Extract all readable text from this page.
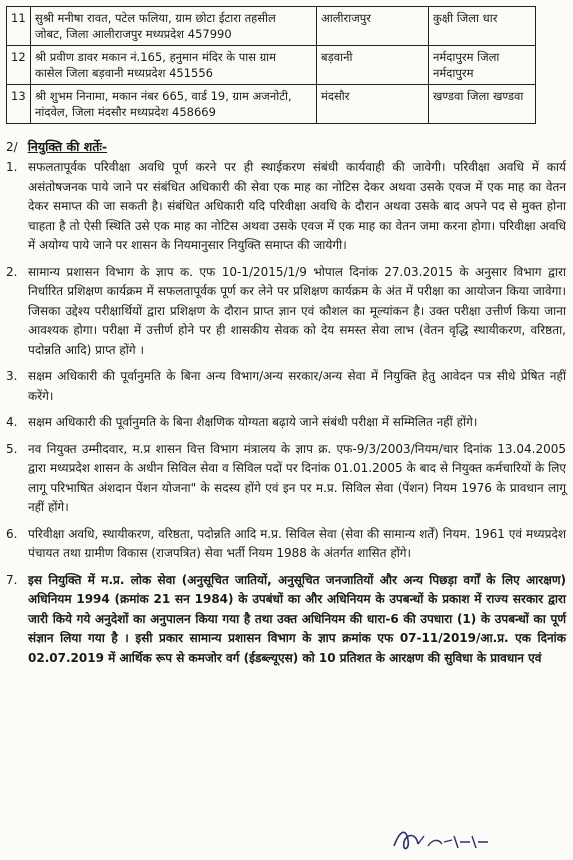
11 सुश्री मनीषा रावत, पटेल फलिया, ग्राम छोटा ईटारा तहसील
जोबट, जिला आलीराजपुर मध्यप्रदेश 457990
आलीराजपुर	कुक्षी जिला धार
12 श्री प्रवीण डावर मकान नं.165, हनुमान मंदिर के पास ग्राम
कासेल जिला बड़वानी मध्यप्रदेश 451556
बड़वानी	नर्मदापुरम जिला
नर्मदापुरम
13 श्री शुभम निनामा, मकान नंबर 665, वार्ड 19, ग्राम अजनोटी,
नांदवेल, जिला मंदसौर मध्यप्रदेश 458669
मंदसौर	खण्डवा जिला खण्डवा
2/ नियुक्ति की शर्तेः-
1. सफलतापूर्वक परिवीक्षा अवधि पूर्ण करने पर ही स्थाईकरण संबंधी कार्यवाही की जावेगी। परिवीक्षा अवधि में कार्य असंतोषजनक पाये जाने पर संबंधित अधिकारी की सेवा एक माह का नोटिस देकर अथवा उसके एवज में एक माह का वेतन देकर समाप्त की जा सकती है। संबंधित अधिकारी यदि परिवीक्षा अवधि के दौरान अथवा उसके बाद अपने पद से मुक्त होना चाहता है तो ऐसी स्थिति उसे एक माह का नोटिस अथवा उसके एवज में एक माह का वेतन जमा करना होगा। परिवीक्षा अवधि में अयोग्य पाये जाने पर शासन के नियमानुसार नियुक्ति समाप्त की जायेगी।
2. सामान्य प्रशासन विभाग के ज्ञाप क. एफ 10-1/2015/1/9 भोपाल दिनांक 27.03.2015 के अनुसार विभाग द्वारा निर्धारित प्रशिक्षण कार्यक्रम में सफलतापूर्वक पूर्ण कर लेने पर प्रशिक्षण कार्यक्रम के अंत में परीक्षा का आयोजन किया जावेगा। जिसका उद्देश्य परीक्षार्थियों द्वारा प्रशिक्षण के दौरान प्राप्त ज्ञान एवं कौशल का मूल्यांकन है। उक्त परीक्षा उत्तीर्ण किया जाना आवश्यक होगा। परीक्षा में उत्तीर्ण होने पर ही शासकीय सेवक को देय समस्त सेवा लाभ (वेतन वृद्धि स्थायीकरण, वरिष्ठता, पदोन्नति आदि) प्राप्त होंगे ।
3. सक्षम अधिकारी की पूर्वानुमति के बिना अन्य विभाग/अन्य सरकार/अन्य सेवा में नियुक्ति हेतु आवेदन पत्र सीधे प्रेषित नहीं करेंगे।
4. सक्षम अधिकारी की पूर्वानुमति के बिना शैक्षणिक योग्यता बढ़ाये जाने संबंधी परीक्षा में सम्मिलित नहीं होंगे।
5. नव नियुक्त उम्मीदवार, म.प्र शासन वित्त विभाग मंत्रालय के ज्ञाप क्र. एफ-9/3/2003/नियम/चार दिनांक 13.04.2005 द्वारा मध्यप्रदेश शासन के अधीन सिविल सेवा व सिविल पदों पर दिनांक 01.01.2005 के बाद से नियुक्त कर्मचारियों के लिए लागू परिभाषित अंशदान पेंशन योजना" के सदस्य होंगे एवं इन पर म.प्र. सिविल सेवा (पेंशन) नियम 1976 के प्रावधान लागू नहीं होंगे।
6. परिवीक्षा अवधि, स्थायीकरण, वरिष्ठता, पदोन्नति आदि म.प्र. सिविल सेवा (सेवा की सामान्य शर्तें) नियम. 1961 एवं मध्यप्रदेश पंचायत तथा ग्रामीण विकास (राजपत्रित) सेवा भर्ती नियम 1988 के अंतर्गत शासित होंगे।
7. इस नियुक्ति में म.प्र. लोक सेवा (अनुसूचित जातियों, अनुसूचित जनजातियों और अन्य पिछड़ा वर्गों के लिए आरक्षण) अधिनियम 1994 (क्रमांक 21 सन 1984) के उपबंधों का और अधिनियम के उपबन्धों के प्रकाश में राज्य सरकार द्वारा जारी किये गये अनुदेशों का अनुपालन किया गया है तथा उक्त अधिनियम की धारा-6 की उपधारा (1) के उपबन्धों का पूर्ण संज्ञान लिया गया है । इसी प्रकार सामान्य प्रशासन विभाग के ज्ञाप क्रमांक एफ 07-11/2019/आ.प्र. एक दिनांक 02.07.2019 में आर्थिक रूप से कमजोर वर्ग (ईडब्ल्यूएस) को 10 प्रतिशत के आरक्षण की सुविधा के प्रावधान एवं
